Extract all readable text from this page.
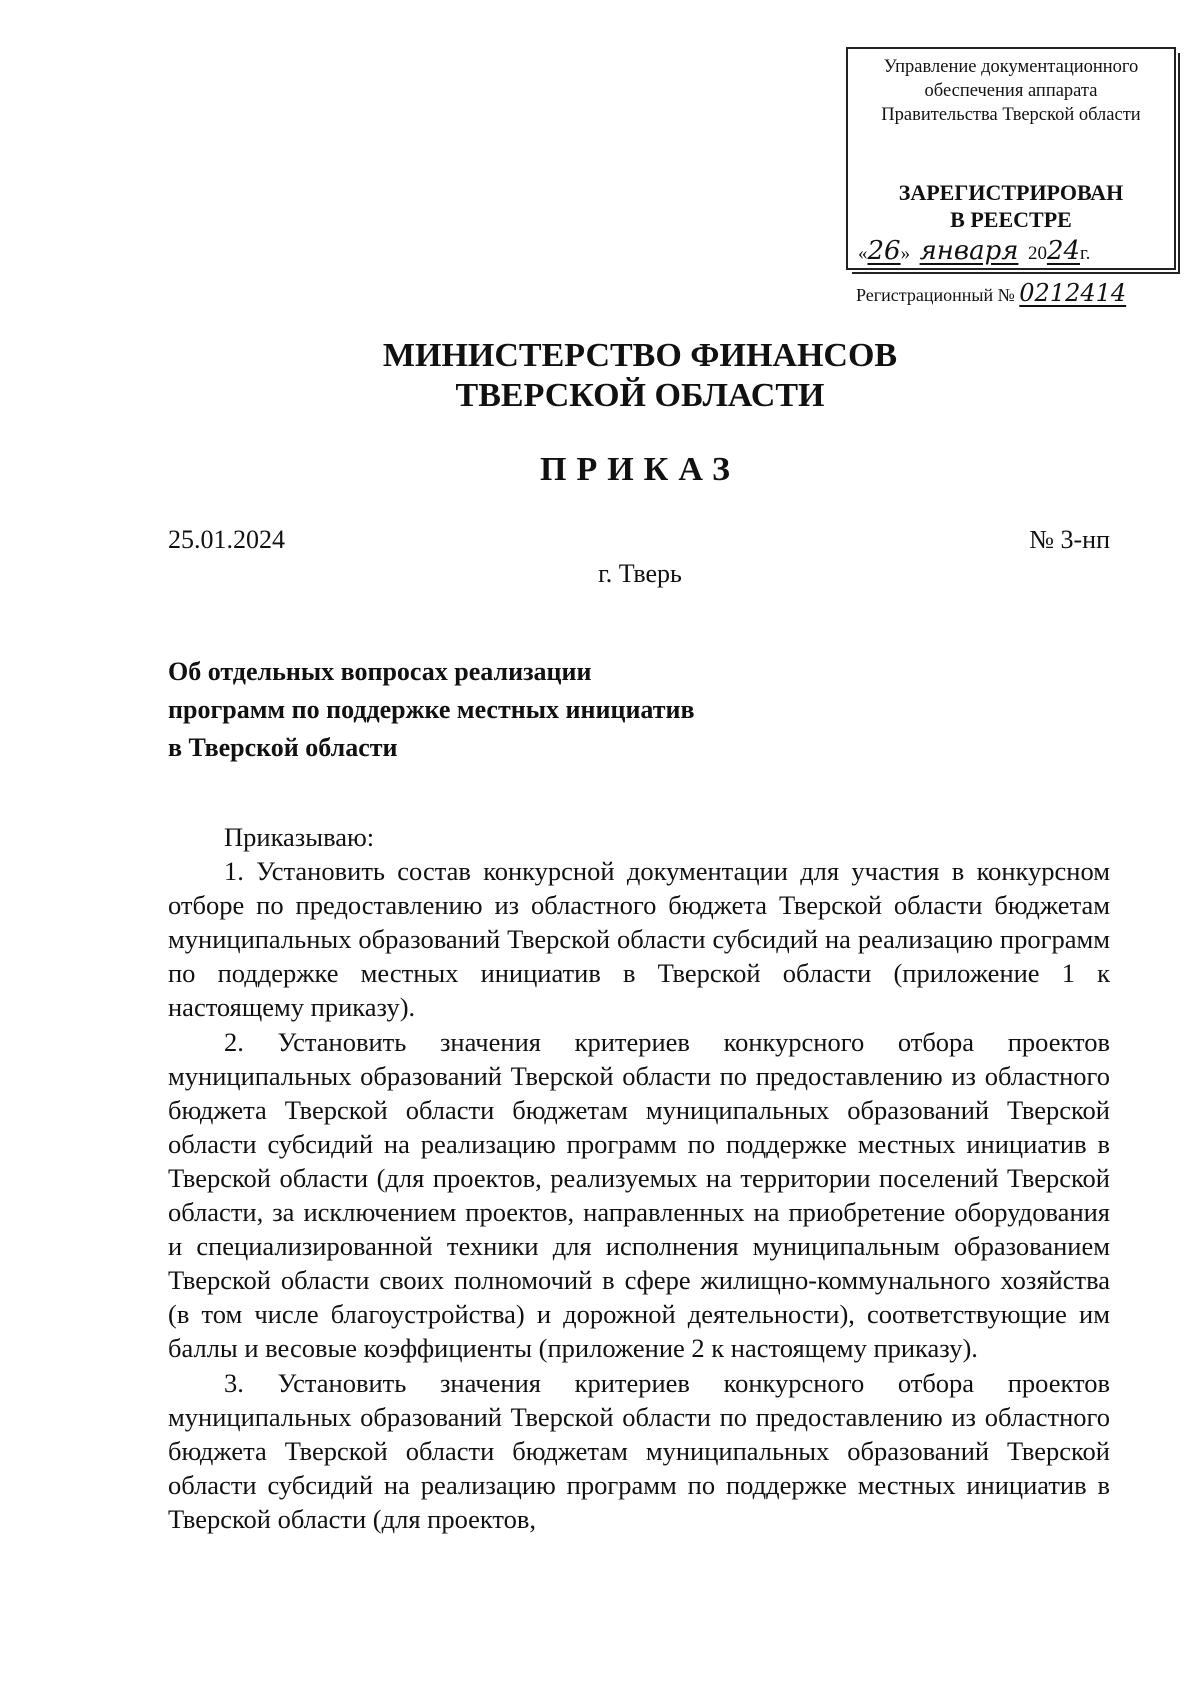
Управление документационного
обеспечения аппарата
Правительства Тверской области
ЗАРЕГИСТРИРОВАН
В РЕЕСТРЕ
«26»  января 2024г.
Регистрационный № 0212414
МИНИСТЕРСТВО ФИНАНСОВ
ТВЕРСКОЙ ОБЛАСТИ
ПРИКАЗ
25.01.2024	№ 3-нп
г. Тверь
Об отдельных вопросах реализации
программ по поддержке местных инициатив
в Тверской области

Приказываю:

1. Установить состав конкурсной документации для участия в конкурсном отборе по предоставлению из областного бюджета Тверской области бюджетам муниципальных образований Тверской области субсидий на реализацию программ по поддержке местных инициатив в Тверской области (приложение 1 к настоящему приказу).

2. Установить значения критериев конкурсного отбора проектов муниципальных образований Тверской области по предоставлению из областного бюджета Тверской области бюджетам муниципальных образований Тверской области субсидий на реализацию программ по поддержке местных инициатив в Тверской области (для проектов, реализуемых на территории поселений Тверской области, за исключением проектов, направленных на приобретение оборудования и специализированной техники для исполнения муниципальным образованием Тверской области своих полномочий в сфере жилищно-коммунального хозяйства (в том числе благоустройства) и дорожной деятельности), соответствующие им баллы и весовые коэффициенты (приложение 2 к настоящему приказу).

3. Установить значения критериев конкурсного отбора проектов муниципальных образований Тверской области по предоставлению из областного бюджета Тверской области бюджетам муниципальных образований Тверской области субсидий на реализацию программ по поддержке местных инициатив в Тверской области (для проектов,
